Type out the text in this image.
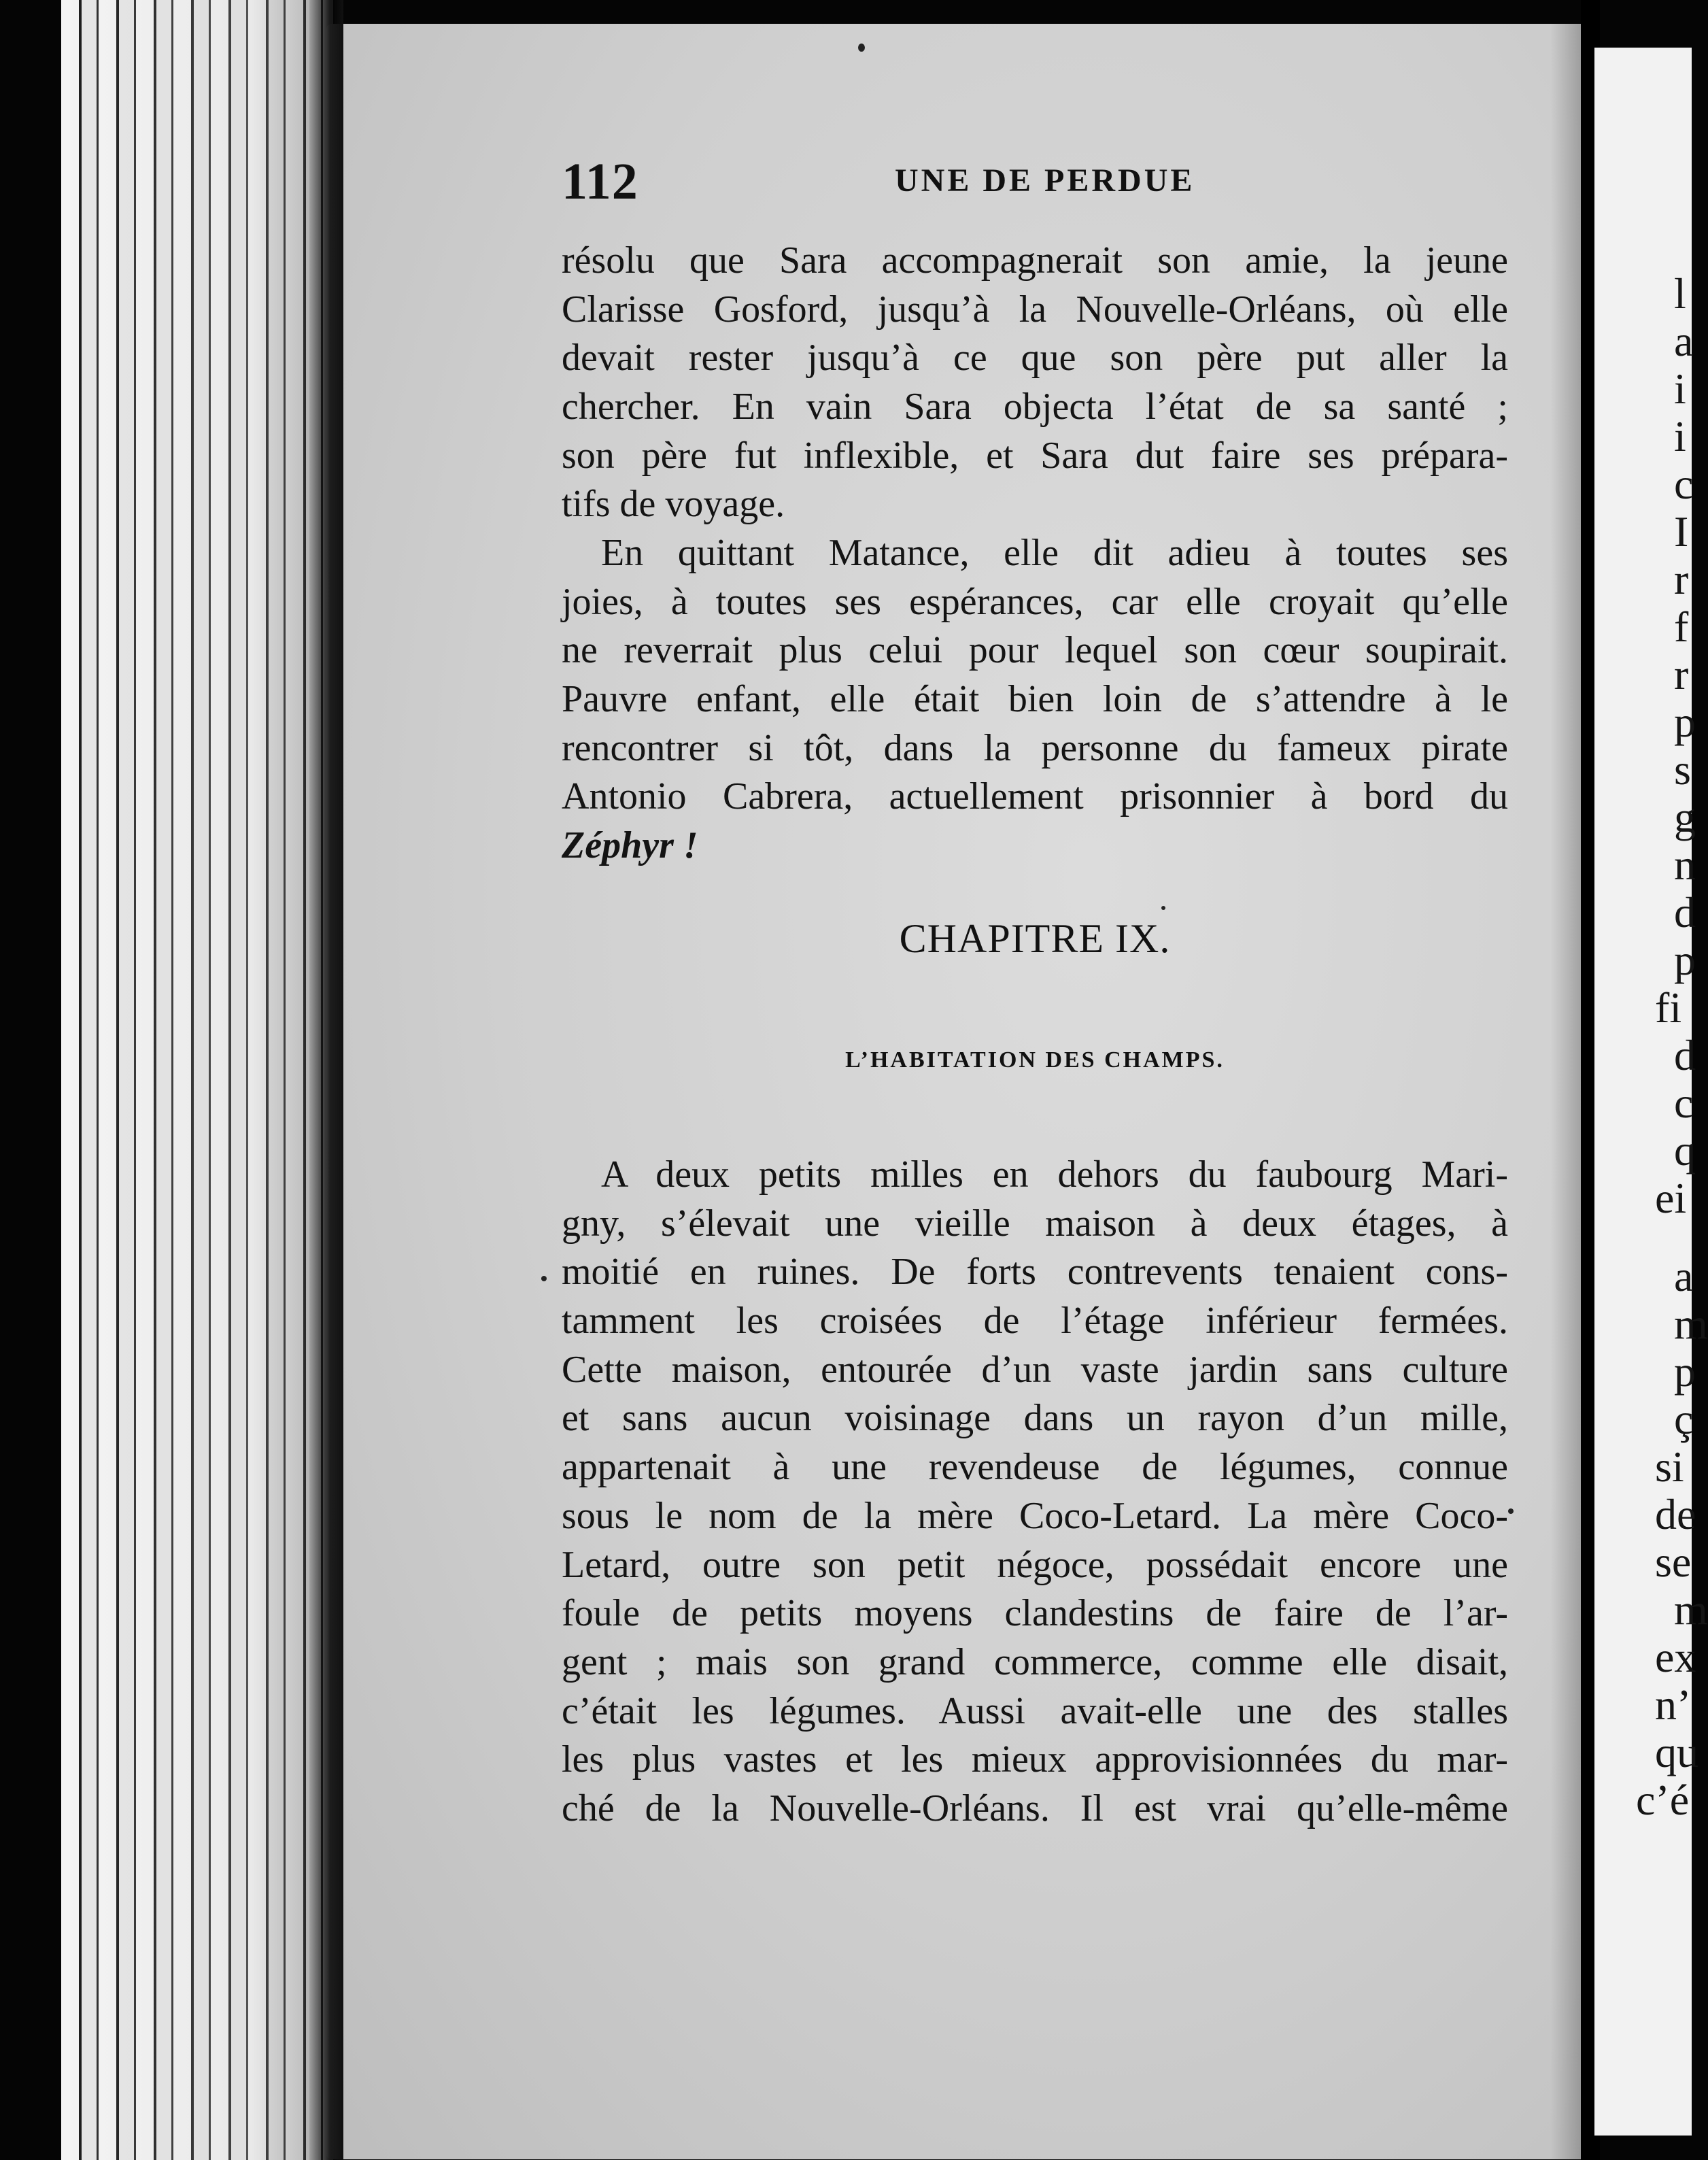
l
a
i
i
c
I
r
f
r
p
s
g
n
d
p
fi
d
c
q
ei
a
m
p
ç
si
de
se
m
ex
n’
qu
c’é
112	UNE DE PERDUE
résolu que Sara accompagnerait son amie, la jeune
Clarisse Gosford, jusqu’à la Nouvelle-Orléans, où elle
devait rester jusqu’à ce que son père put aller la
chercher. En vain Sara objecta l’état de sa santé ;
son père fut inflexible, et Sara dut faire ses prépara-
tifs de voyage.
En quittant Matance, elle dit adieu à toutes ses
joies, à toutes ses espérances, car elle croyait qu’elle
ne reverrait plus celui pour lequel son cœur soupirait.
Pauvre enfant, elle était bien loin de s’attendre à le
rencontrer si tôt, dans la personne du fameux pirate
Antonio Cabrera, actuellement prisonnier à bord du
Zéphyr !
CHAPITRE IX.
L’HABITATION DES CHAMPS.
A deux petits milles en dehors du faubourg Mari-
gny, s’élevait une vieille maison à deux étages, à
moitié en ruines. De forts contrevents tenaient cons-
tamment les croisées de l’étage inférieur fermées.
Cette maison, entourée d’un vaste jardin sans culture
et sans aucun voisinage dans un rayon d’un mille,
appartenait à une revendeuse de légumes, connue
sous le nom de la mère Coco-Letard. La mère Coco-
Letard, outre son petit négoce, possédait encore une
foule de petits moyens clandestins de faire de l’ar-
gent ; mais son grand commerce, comme elle disait,
c’était les légumes. Aussi avait-elle une des stalles
les plus vastes et les mieux approvisionnées du mar-
ché de la Nouvelle-Orléans. Il est vrai qu’elle-même
